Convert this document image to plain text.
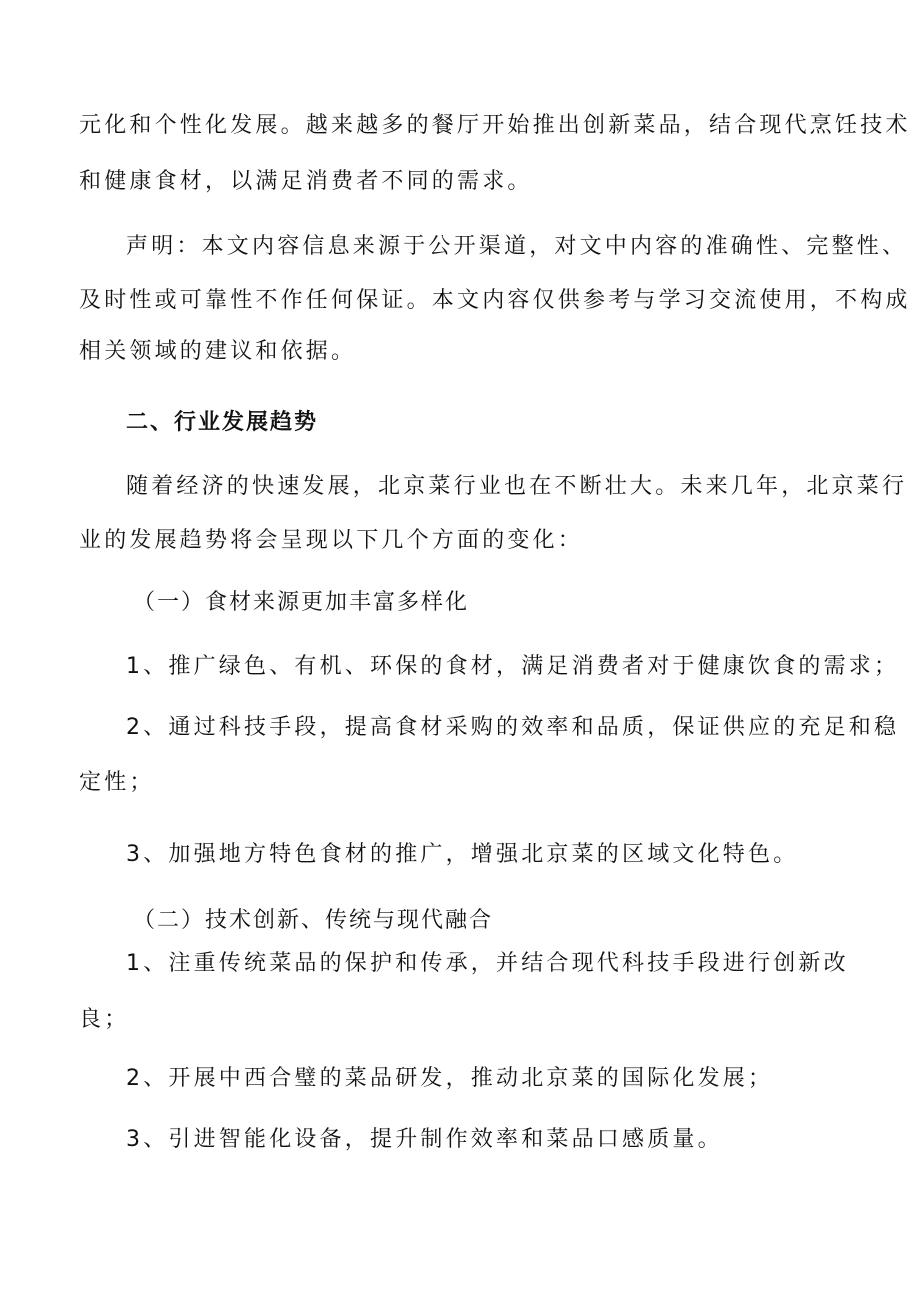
元化和个性化发展。越来越多的餐厅开始推出创新菜品，结合现代烹饪技术
和健康食材，以满足消费者不同的需求。
声明：本文内容信息来源于公开渠道，对文中内容的准确性、完整性、
及时性或可靠性不作任何保证。本文内容仅供参考与学习交流使用，不构成
相关领域的建议和依据。
二、行业发展趋势
随着经济的快速发展，北京菜行业也在不断壮大。未来几年，北京菜行
业的发展趋势将会呈现以下几个方面的变化：
（一）食材来源更加丰富多样化
1、推广绿色、有机、环保的食材，满足消费者对于健康饮食的需求；
2、通过科技手段，提高食材采购的效率和品质，保证供应的充足和稳
定性；
3、加强地方特色食材的推广，增强北京菜的区域文化特色。
（二）技术创新、传统与现代融合
1、注重传统菜品的保护和传承，并结合现代科技手段进行创新改
良；
2、开展中西合璧的菜品研发，推动北京菜的国际化发展；
3、引进智能化设备，提升制作效率和菜品口感质量。
